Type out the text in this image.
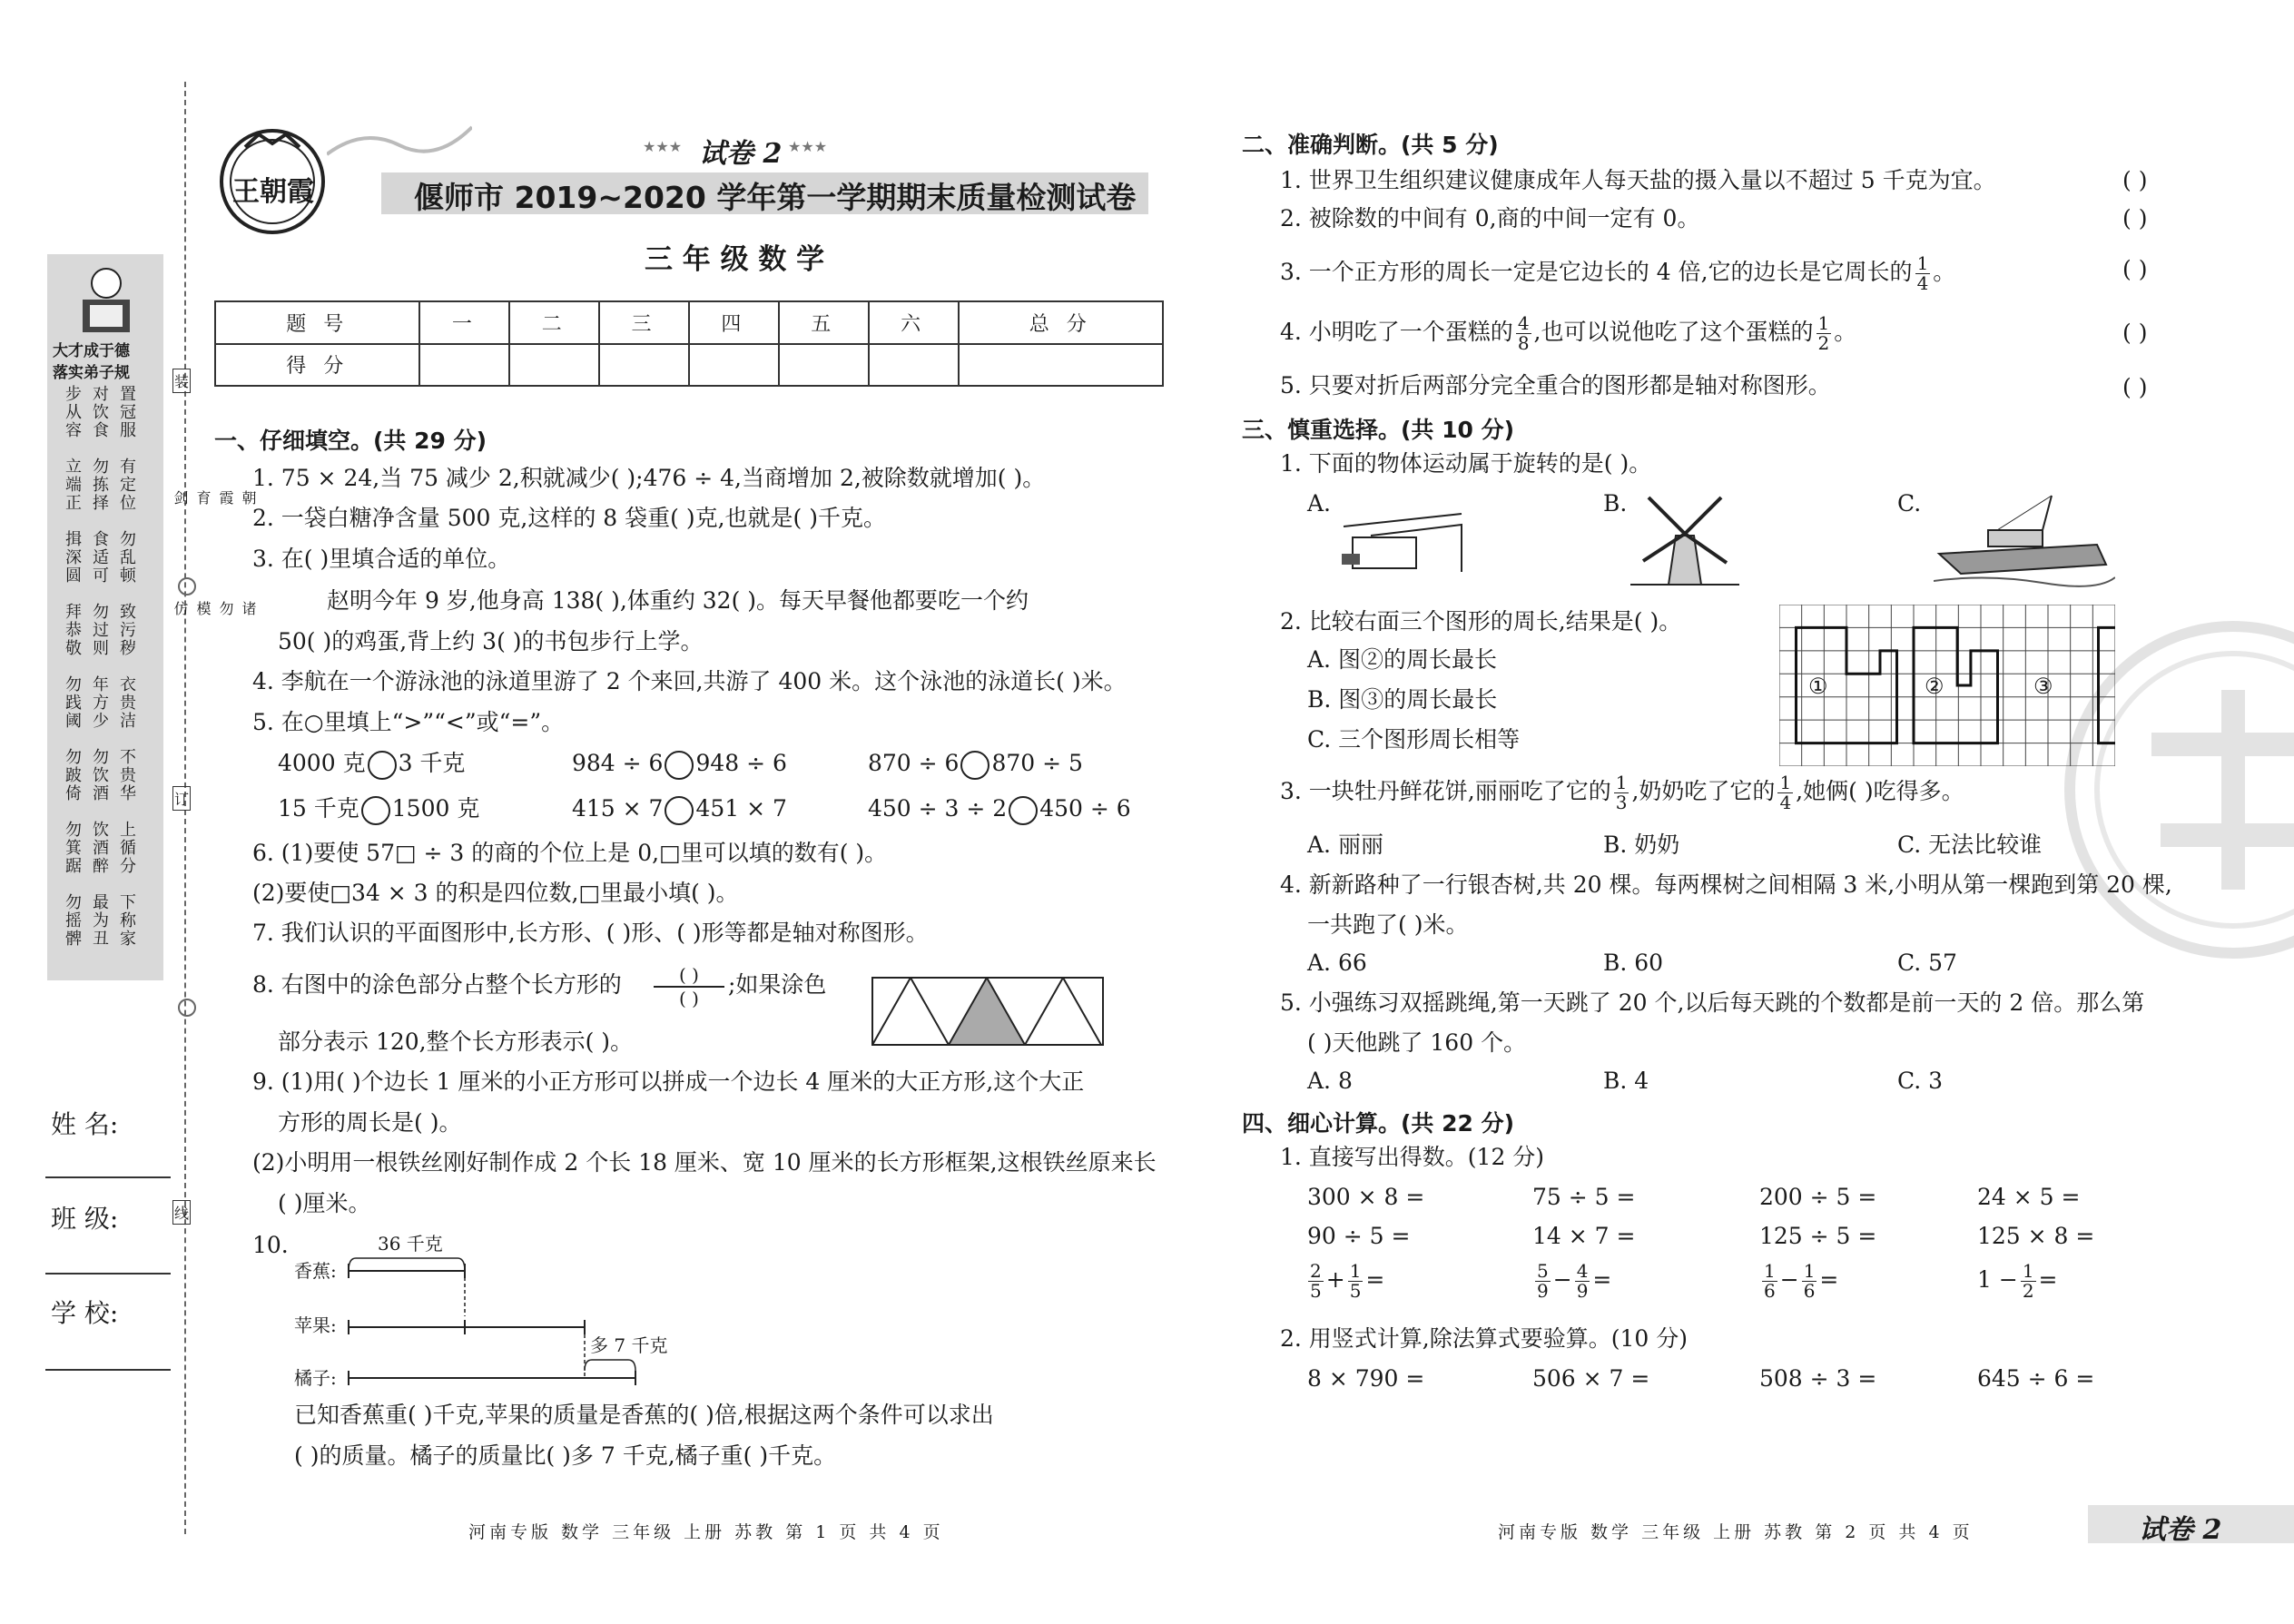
大才成于德
落实弟子规
步从容 对饮食 置冠服
立端正 勿拣择 有定位
揖深圆 食适可 勿乱顿
拜恭敬 勿过则 致污秽
勿践阈 年方少 衣贵洁
勿跛倚 勿饮酒 不贵华
勿箕踞 饮酒醉 上循分
勿摇髀 最为丑 下称家
朝霞育剑
诸勿模仿
装
订
线
姓 名:
班 级:
学 校:
王朝霞
★★★ 试卷 2 ★★★
偃师市 2019~2020 学年第一学期期末质量检测试卷
三 年 级 数 学
题 号	一	二	三	四	五	六	总 分
得 分							
一、仔细填空。(共 29 分)
1. 75 × 24,当 75 减少 2,积就减少( );476 ÷ 4,当商增加 2,被除数就增加( )。
2. 一袋白糖净含量 500 克,这样的 8 袋重( )克,也就是( )千克。
3. 在( )里填合适的单位。
赵明今年 9 岁,他身高 138( ),体重约 32( )。每天早餐他都要吃一个约
50( )的鸡蛋,背上约 3( )的书包步行上学。
4. 李航在一个游泳池的泳道里游了 2 个来回,共游了 400 米。这个泳池的泳道长( )米。
5. 在○里填上“>”“<”或“=”。
4000 克 3 千克	984 ÷ 6 948 ÷ 6	870 ÷ 6 870 ÷ 5
15 千克 1500 克	415 × 7 451 × 7	450 ÷ 3 ÷ 2 450 ÷ 6
6. (1)要使 57□ ÷ 3 的商的个位上是 0,□里可以填的数有( )。
(2)要使□34 × 3 的积是四位数,□里最小填( )。
7. 我们认识的平面图形中,长方形、( )形、( )形等都是轴对称图形。
8. 右图中的涂色部分占整个长方形的	( )
( )
;如果涂色
部分表示 120,整个长方形表示( )。
9. (1)用( )个边长 1 厘米的小正方形可以拼成一个边长 4 厘米的大正方形,这个大正
方形的周长是( )。
(2)小明用一根铁丝刚好制作成 2 个长 18 厘米、宽 10 厘米的长方形框架,这根铁丝原来长
( )厘米。
10.	36 千克
香蕉:
苹果:
橘子:
多 7 千克
已知香蕉重( )千克,苹果的质量是香蕉的( )倍,根据这两个条件可以求出
( )的质量。橘子的质量比( )多 7 千克,橘子重( )千克。
河南专版 数学 三年级 上册 苏教 第 1 页 共 4 页
二、准确判断。(共 5 分)
1. 世界卫生组织建议健康成年人每天盐的摄入量以不超过 5 千克为宜。
2. 被除数的中间有 0,商的中间一定有 0。
3. 一个正方形的周长一定是它边长的 4 倍,它的边长是它周长的 $\frac{1}{4}$ 。
4. 小明吃了一个蛋糕的 $\frac{4}{8}$ ,也可以说他吃了这个蛋糕的 $\frac{1}{2}$ 。
5. 只要对折后两部分完全重合的图形都是轴对称图形。
( )
( )
( )
( )
( )
三、慎重选择。(共 10 分)
1. 下面的物体运动属于旋转的是( )。
A.	B.	C.
2. 比较右面三个图形的周长,结果是( )。
A. 图②的周长最长
B. 图③的周长最长
C. 三个图形周长相等
①	②	③
3. 一块牡丹鲜花饼,丽丽吃了它的 $\frac{1}{3}$ ,奶奶吃了它的 $\frac{1}{4}$ ,她俩( )吃得多。
A. 丽丽	B. 奶奶	C. 无法比较谁
4. 新新路种了一行银杏树,共 20 棵。每两棵树之间相隔 3 米,小明从第一棵跑到第 20 棵,
一共跑了( )米。
A. 66	B. 60	C. 57
5. 小强练习双摇跳绳,第一天跳了 20 个,以后每天跳的个数都是前一天的 2 倍。那么第
( )天他跳了 160 个。
A. 8	B. 4	C. 3
四、细心计算。(共 22 分)
1. 直接写出得数。(12 分)
300 × 8 =	75 ÷ 5 =	200 ÷ 5 =	24 × 5 =
90 ÷ 5 =	14 × 7 =	125 ÷ 5 =	125 × 8 =
$\frac{2}{5} + \frac{1}{5}$ =	$\frac{5}{9} - \frac{4}{9}$ =	$\frac{1}{6} - \frac{1}{6}$ =	$1 - \frac{1}{2}$ =
2. 用竖式计算,除法算式要验算。(10 分)
8 × 790 =	506 × 7 =	508 ÷ 3 =	645 ÷ 6 =
河南专版 数学 三年级 上册 苏教 第 2 页 共 4 页	试卷 2
